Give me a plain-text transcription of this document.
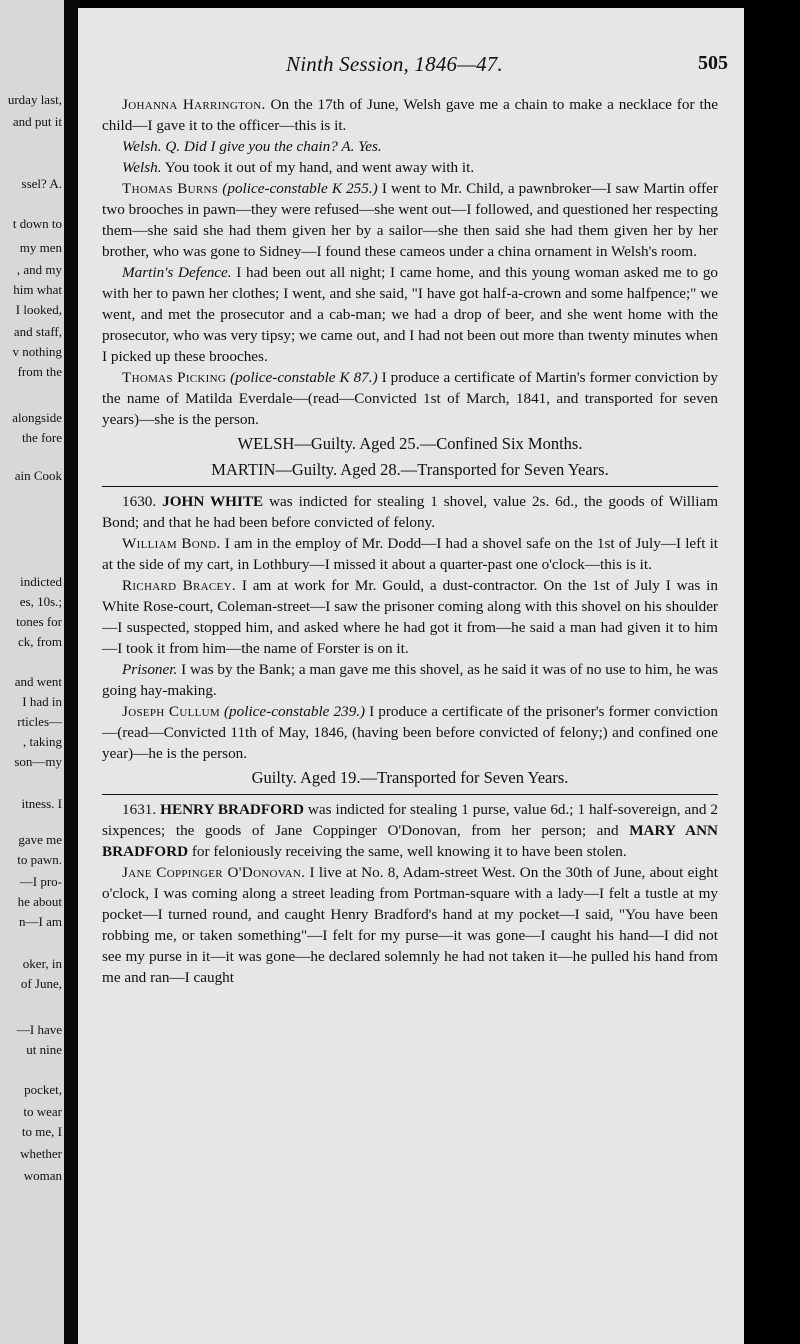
urday last,
and put it
ssel? A.
t down to
my men
, and my
him what
I looked,
and staff,
v nothing
from the
alongside
the fore
ain Cook
indicted
es, 10s.;
tones for
ck, from
and went
I had in
rticles—
, taking
son—my
itness. I
gave me
to pawn.
—I pro-
he about
n—I am
oker, in
of June,
—I have
ut nine
pocket,
to wear
to me, I
whether
woman
Ninth Session, 1846—47.	505

Johanna Harrington. On the 17th of June, Welsh gave me a chain to make a necklace for the child—I gave it to the officer—this is it.

Welsh. Q. Did I give you the chain? A. Yes.

Welsh. You took it out of my hand, and went away with it.

Thomas Burns (police-constable K 255.) I went to Mr. Child, a pawnbroker—I saw Martin offer two brooches in pawn—they were refused—she went out—I followed, and questioned her respecting them—she said she had them given her by a sailor—she then said she had them given her by her brother, who was gone to Sidney—I found these cameos under a china ornament in Welsh's room.

Martin's Defence. I had been out all night; I came home, and this young woman asked me to go with her to pawn her clothes; I went, and she said, "I have got half-a-crown and some halfpence;" we went, and met the prosecutor and a cab-man; we had a drop of beer, and she went home with the prosecutor, who was very tipsy; we came out, and I had not been out more than twenty minutes when I picked up these brooches.

Thomas Picking (police-constable K 87.) I produce a certificate of Martin's former conviction by the name of Matilda Everdale—(read—Convicted 1st of March, 1841, and transported for seven years)—she is the person.

WELSH—Guilty. Aged 25.—Confined Six Months.
MARTIN—Guilty. Aged 28.—Transported for Seven Years.

1630. JOHN WHITE was indicted for stealing 1 shovel, value 2s. 6d., the goods of William Bond; and that he had been before convicted of felony.

William Bond. I am in the employ of Mr. Dodd—I had a shovel safe on the 1st of July—I left it at the side of my cart, in Lothbury—I missed it about a quarter-past one o'clock—this is it.

Richard Bracey. I am at work for Mr. Gould, a dust-contractor. On the 1st of July I was in White Rose-court, Coleman-street—I saw the prisoner coming along with this shovel on his shoulder—I suspected, stopped him, and asked where he had got it from—he said a man had given it to him—I took it from him—the name of Forster is on it.

Prisoner. I was by the Bank; a man gave me this shovel, as he said it was of no use to him, he was going hay-making.

Joseph Cullum (police-constable 239.) I produce a certificate of the prisoner's former conviction—(read—Convicted 11th of May, 1846, (having been before convicted of felony;) and confined one year)—he is the person.

Guilty. Aged 19.—Transported for Seven Years.

1631. HENRY BRADFORD was indicted for stealing 1 purse, value 6d.; 1 half-sovereign, and 2 sixpences; the goods of Jane Coppinger O'Donovan, from her person; and MARY ANN BRADFORD for feloniously receiving the same, well knowing it to have been stolen.

Jane Coppinger O'Donovan. I live at No. 8, Adam-street West. On the 30th of June, about eight o'clock, I was coming along a street leading from Portman-square with a lady—I felt a tustle at my pocket—I turned round, and caught Henry Bradford's hand at my pocket—I said, "You have been robbing me, or taken something"—I felt for my purse—it was gone—I caught his hand—I did not see my purse in it—it was gone—he declared solemnly he had not taken it—he pulled his hand from me and ran—I caught
